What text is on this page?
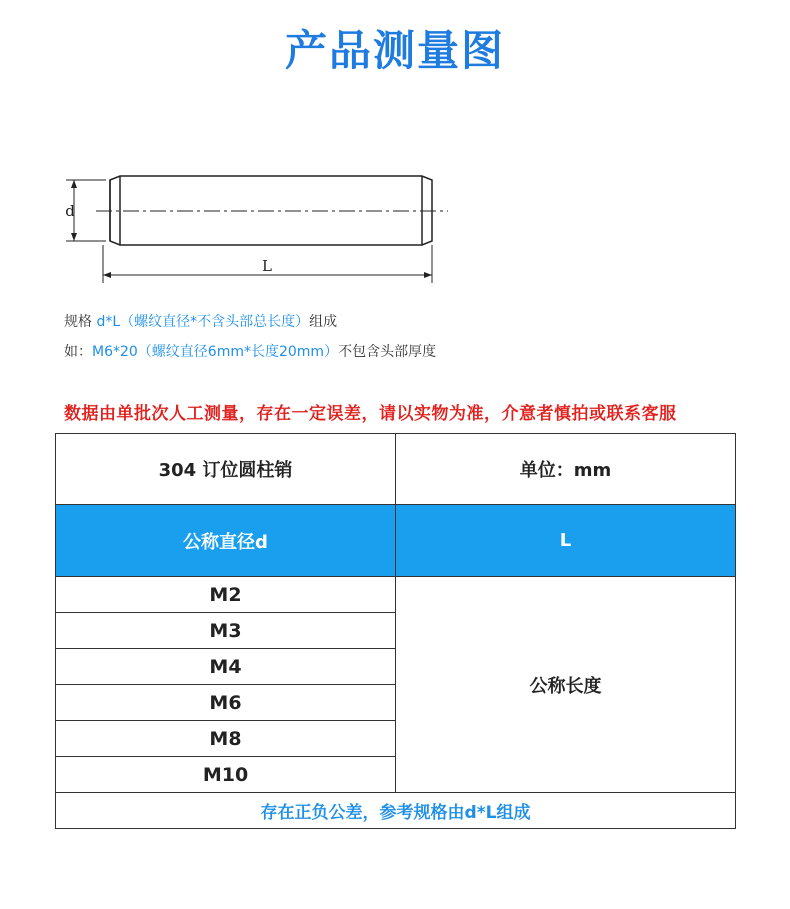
产品测量图
d
L
规格 d*L（螺纹直径*不含头部总长度）组成
如：M6*20（螺纹直径6mm*长度20mm）不包含头部厚度
数据由单批次人工测量，存在一定误差，请以实物为准，介意者慎拍或联系客服
304 订位圆柱销	单位：mm
公称直径d	L
M2
M3
M4
M6
M8
M10
公称长度
存在正负公差，参考规格由d*L组成
